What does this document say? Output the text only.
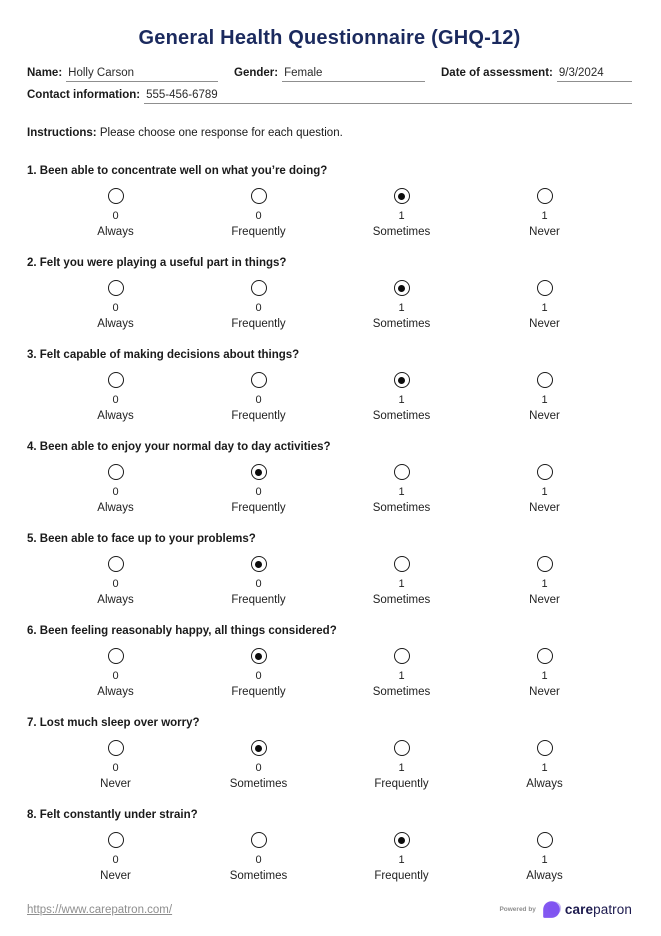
General Health Questionnaire (GHQ-12)
Name: Holly Carson	Gender: Female	Date of assessment: 9/3/2024
Contact information: 555-456-6789
Instructions: Please choose one response for each question.
1. Been able to concentrate well on what you’re doing?
0
Always
0
Frequently
1
Sometimes
1
Never
2. Felt you were playing a useful part in things?
0
Always
0
Frequently
1
Sometimes
1
Never
3. Felt capable of making decisions about things?
0
Always
0
Frequently
1
Sometimes
1
Never
4. Been able to enjoy your normal day to day activities?
0
Always
0
Frequently
1
Sometimes
1
Never
5. Been able to face up to your problems?
0
Always
0
Frequently
1
Sometimes
1
Never
6. Been feeling reasonably happy, all things considered?
0
Always
0
Frequently
1
Sometimes
1
Never
7. Lost much sleep over worry?
0
Never
0
Sometimes
1
Frequently
1
Always
8. Felt constantly under strain?
0
Never
0
Sometimes
1
Frequently
1
Always
https://www.carepatron.com/	Powered by carepatron
